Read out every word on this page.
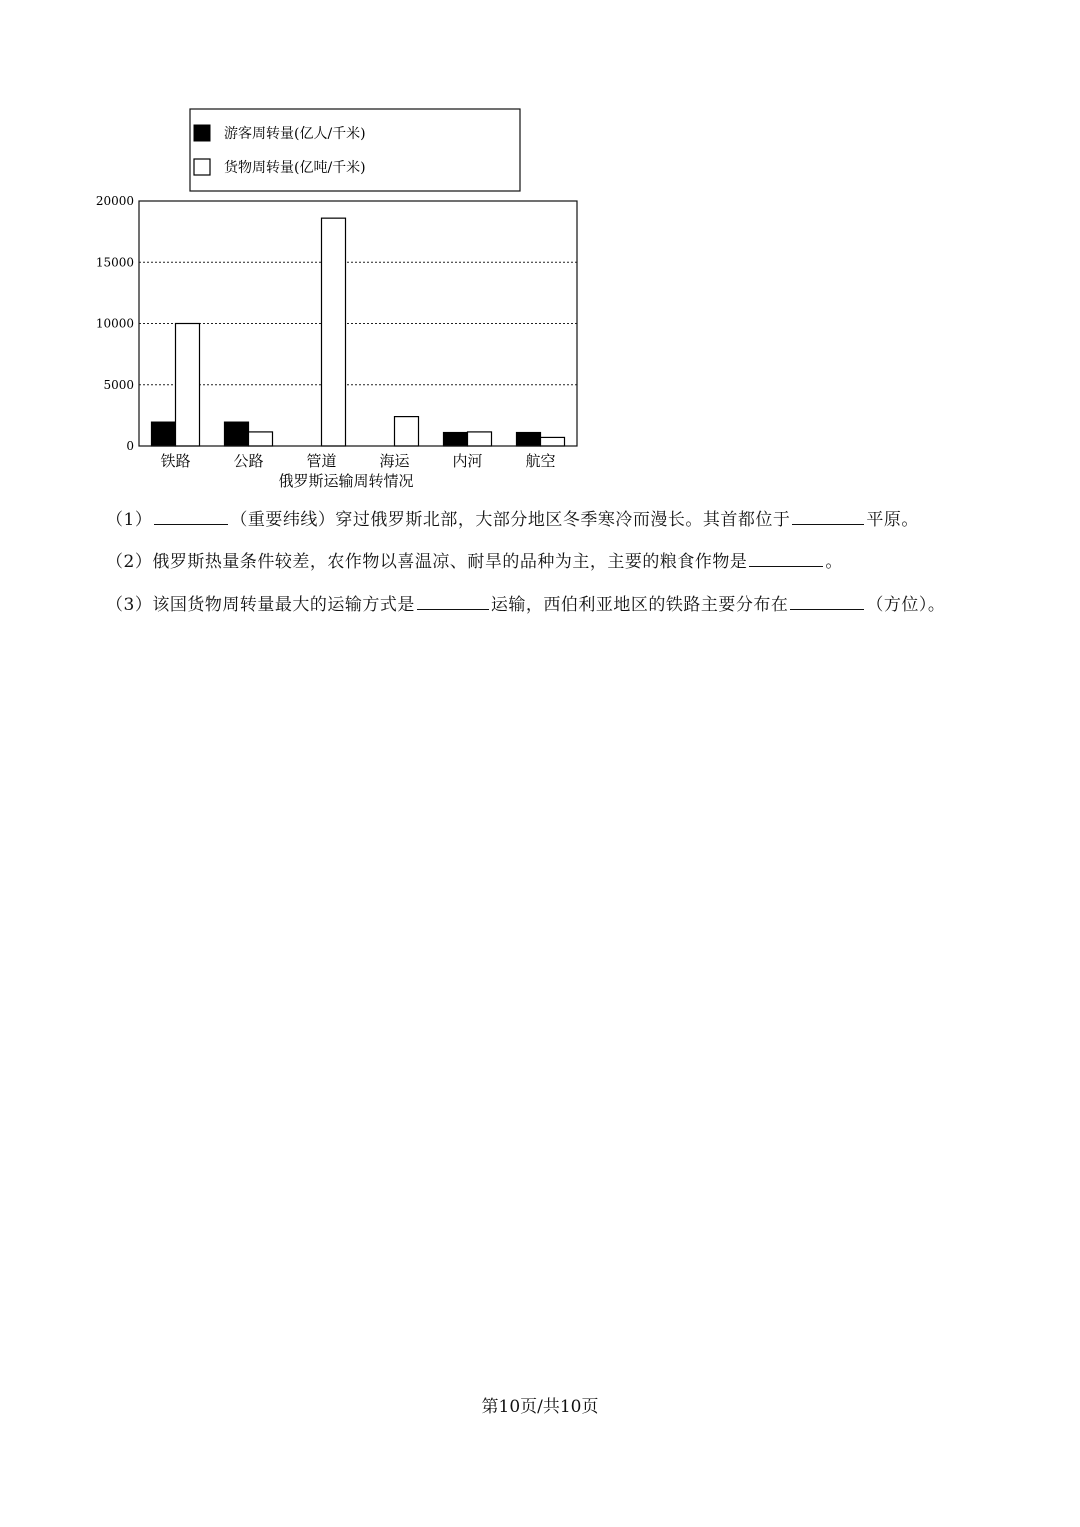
游客周转量(亿人/千米)
货物周转量(亿吨/千米)
0
5000
10000
15000
20000
铁路	公路	管道	海运	内河	航空
俄罗斯运输周转情况
（1）	（重要纬线）穿过俄罗斯北部，大部分地区冬季寒冷而漫长。其首都位于	平原。
（2）俄罗斯热量条件较差，农作物以喜温凉、耐旱的品种为主，主要的粮食作物是	。
（3）该国货物周转量最大的运输方式是	运输，西伯利亚地区的铁路主要分布在	（方位）。
第10页/共10页
